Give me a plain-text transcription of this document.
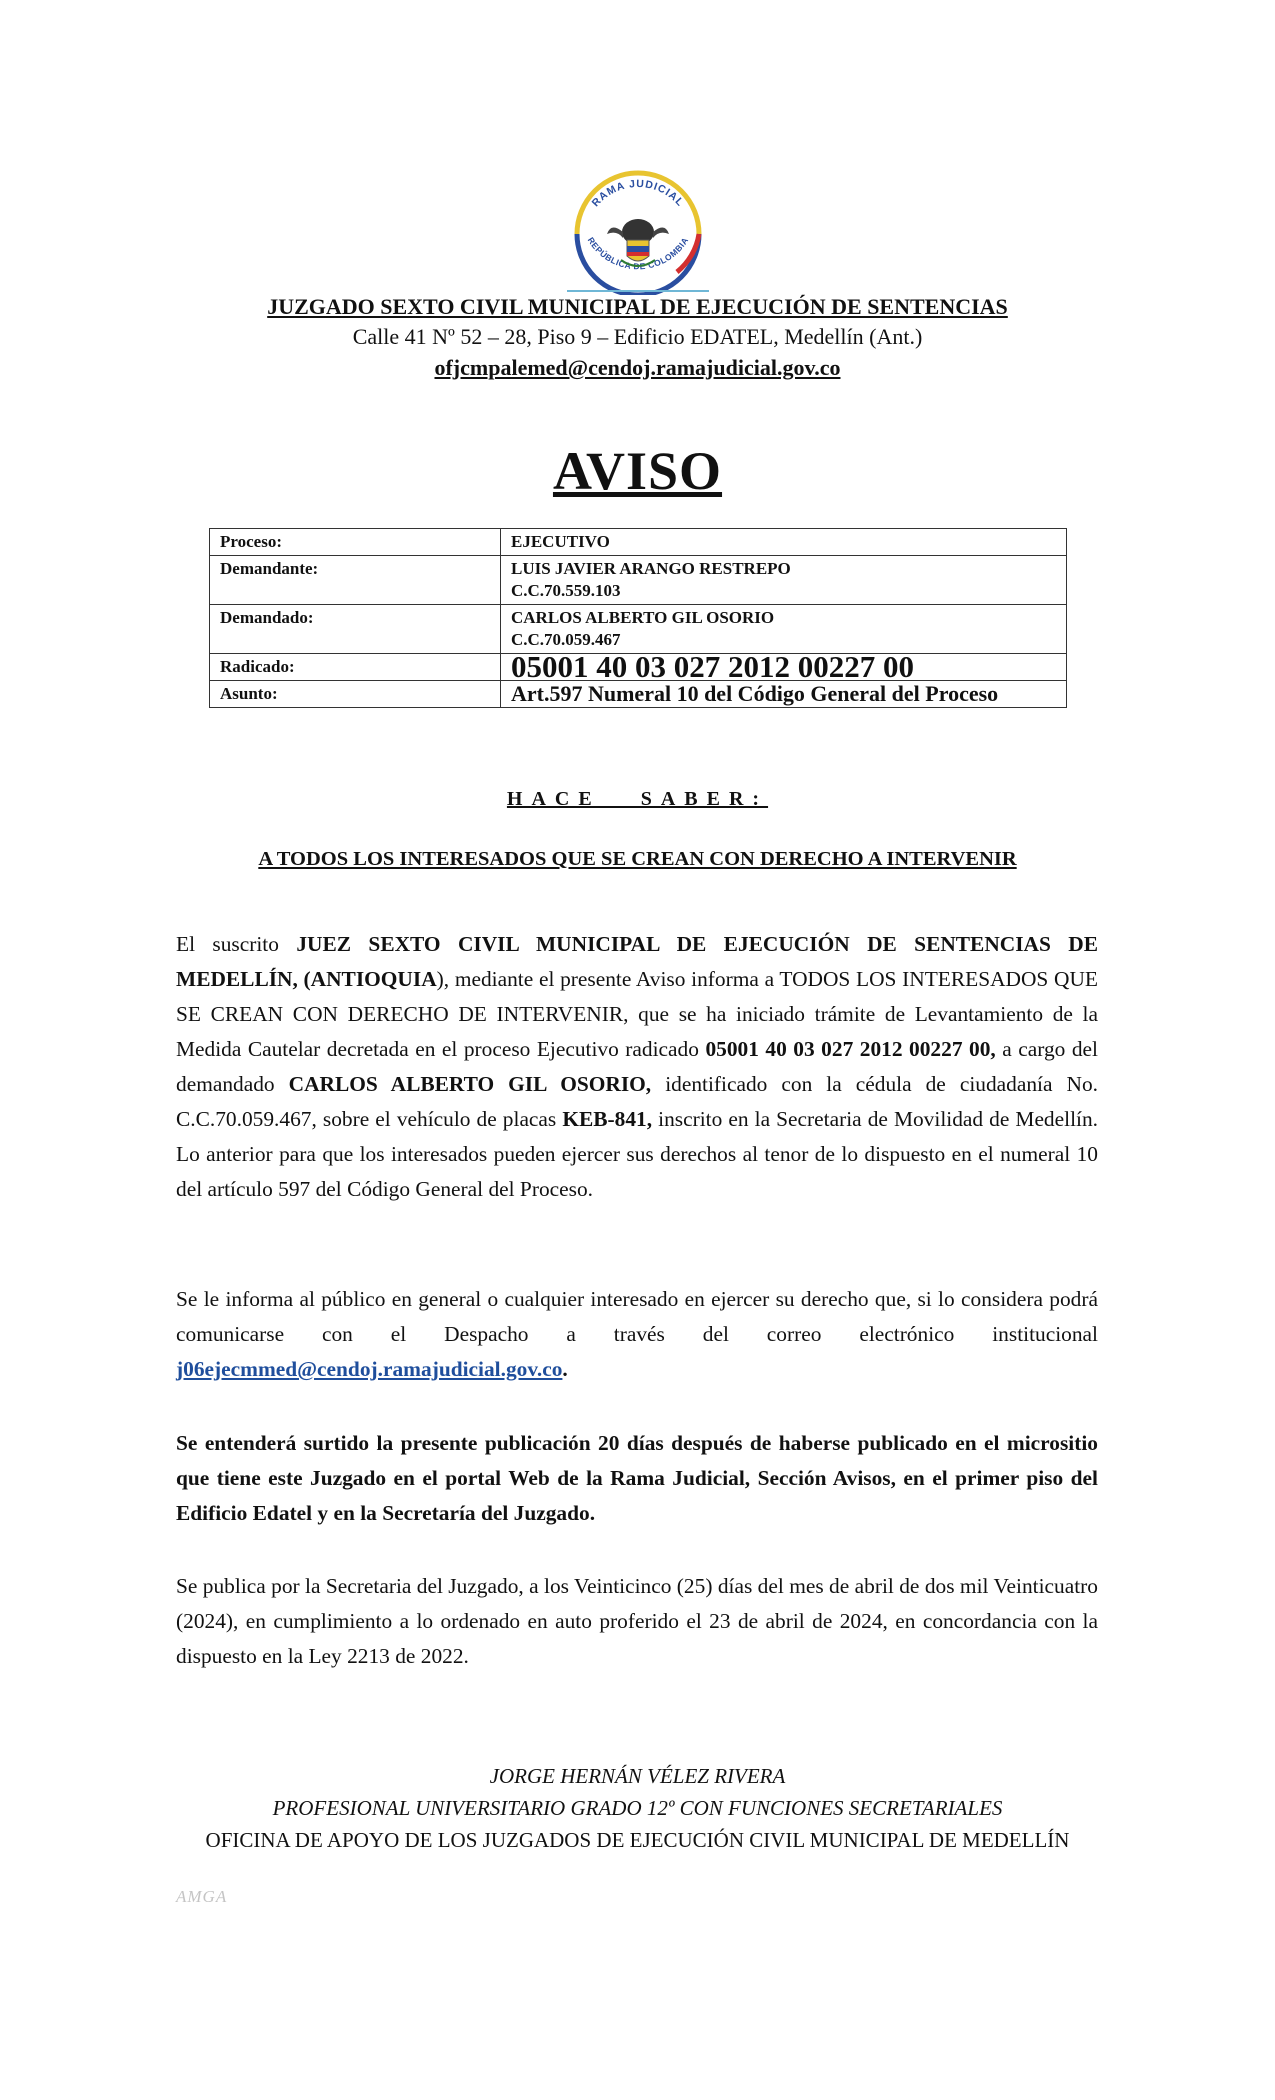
RAMA JUDICIAL
REPÚBLICA DE COLOMBIA
JUZGADO SEXTO CIVIL MUNICIPAL DE EJECUCIÓN DE SENTENCIAS
Calle 41 Nº 52 – 28, Piso 9 – Edificio EDATEL, Medellín (Ant.)
ofjcmpalemed@cendoj.ramajudicial.gov.co
AVISO
Proceso:	EJECUTIVO
Demandante:	LUIS JAVIER ARANGO RESTREPO
C.C.70.559.103

Demandado:	CARLOS ALBERTO GIL OSORIO
C.C.70.059.467

Radicado:	05001 40 03 027 2012 00227 00
Asunto:	Art.597 Numeral 10 del Código General del Proceso
HACE SABER:
A TODOS LOS INTERESADOS QUE SE CREAN CON DERECHO A INTERVENIR

El suscrito JUEZ SEXTO CIVIL MUNICIPAL DE EJECUCIÓN DE SENTENCIAS DE MEDELLÍN, (ANTIOQUIA), mediante el presente Aviso informa a TODOS LOS INTERESADOS QUE SE CREAN CON DERECHO DE INTERVENIR, que se ha iniciado trámite de Levantamiento de la Medida Cautelar decretada en el proceso Ejecutivo radicado 05001 40 03 027 2012 00227 00, a cargo del demandado CARLOS ALBERTO GIL OSORIO, identificado con la cédula de ciudadanía No. C.C.70.059.467, sobre el vehículo de placas KEB-841, inscrito en la Secretaria de Movilidad de Medellín. Lo anterior para que los interesados pueden ejercer sus derechos al tenor de lo dispuesto en el numeral 10 del artículo 597 del Código General del Proceso.

Se le informa al público en general o cualquier interesado en ejercer su derecho que, si lo considera podrá comunicarse con el Despacho a través del correo electrónico institucional j06ejecmmed@cendoj.ramajudicial.gov.co.

Se entenderá surtido la presente publicación 20 días después de haberse publicado en el micrositio que tiene este Juzgado en el portal Web de la Rama Judicial, Sección Avisos, en el primer piso del Edificio Edatel y en la Secretaría del Juzgado.

Se publica por la Secretaria del Juzgado, a los Veinticinco (25) días del mes de abril de dos mil Veinticuatro (2024), en cumplimiento a lo ordenado en auto proferido el 23 de abril de 2024, en concordancia con la dispuesto en la Ley 2213 de 2022.

JORGE HERNÁN VÉLEZ RIVERA
PROFESIONAL UNIVERSITARIO GRADO 12º CON FUNCIONES SECRETARIALES
OFICINA DE APOYO DE LOS JUZGADOS DE EJECUCIÓN CIVIL MUNICIPAL DE MEDELLÍN
AMGA
